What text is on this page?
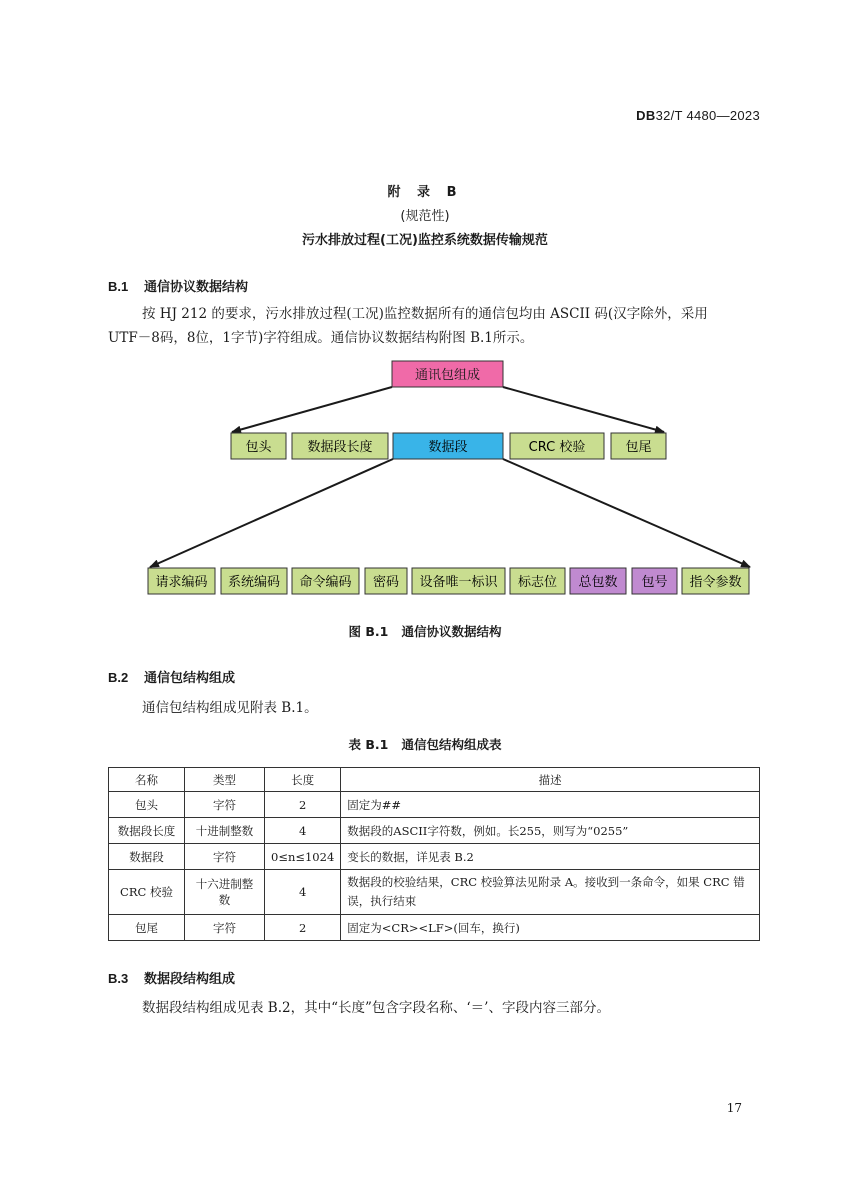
DB32/T 4480—2023
附 录 B
(规范性)
污水排放过程(工况)监控系统数据传输规范
B.1 通信协议数据结构
按 HJ 212 的要求，污水排放过程(工况)监控数据所有的通信包均由 ASCII 码(汉字除外，采用
UTF－8码，8位，1字节)字符组成。通信协议数据结构附图 B.1所示。
通讯包组成
包头	数据段长度	数据段	CRC 校验	包尾
请求编码 系统编码 命令编码 密码 设备唯一标识 标志位 总包数 包号 指令参数
图 B.1 通信协议数据结构
B.2 通信包结构组成
通信包结构组成见附表 B.1。
表 B.1 通信包结构组成表
名称	类型	长度	描述
包头	字符	2	固定为##
数据段长度	十进制整数	4	数据段的ASCII字符数，例如。长255，则写为“0255”
数据段	字符	0≤n≤1024	变长的数据，详见表 B.2
CRC 校验	十六进制整数	4	数据段的校验结果，CRC 校验算法见附录 A。接收到一条命令，如果 CRC 错误，执行结束
包尾	字符	2	固定为<CR><LF>(回车，换行)
B.3 数据段结构组成
数据段结构组成见表 B.2，其中“长度”包含字段名称、‘＝’、字段内容三部分。
17
